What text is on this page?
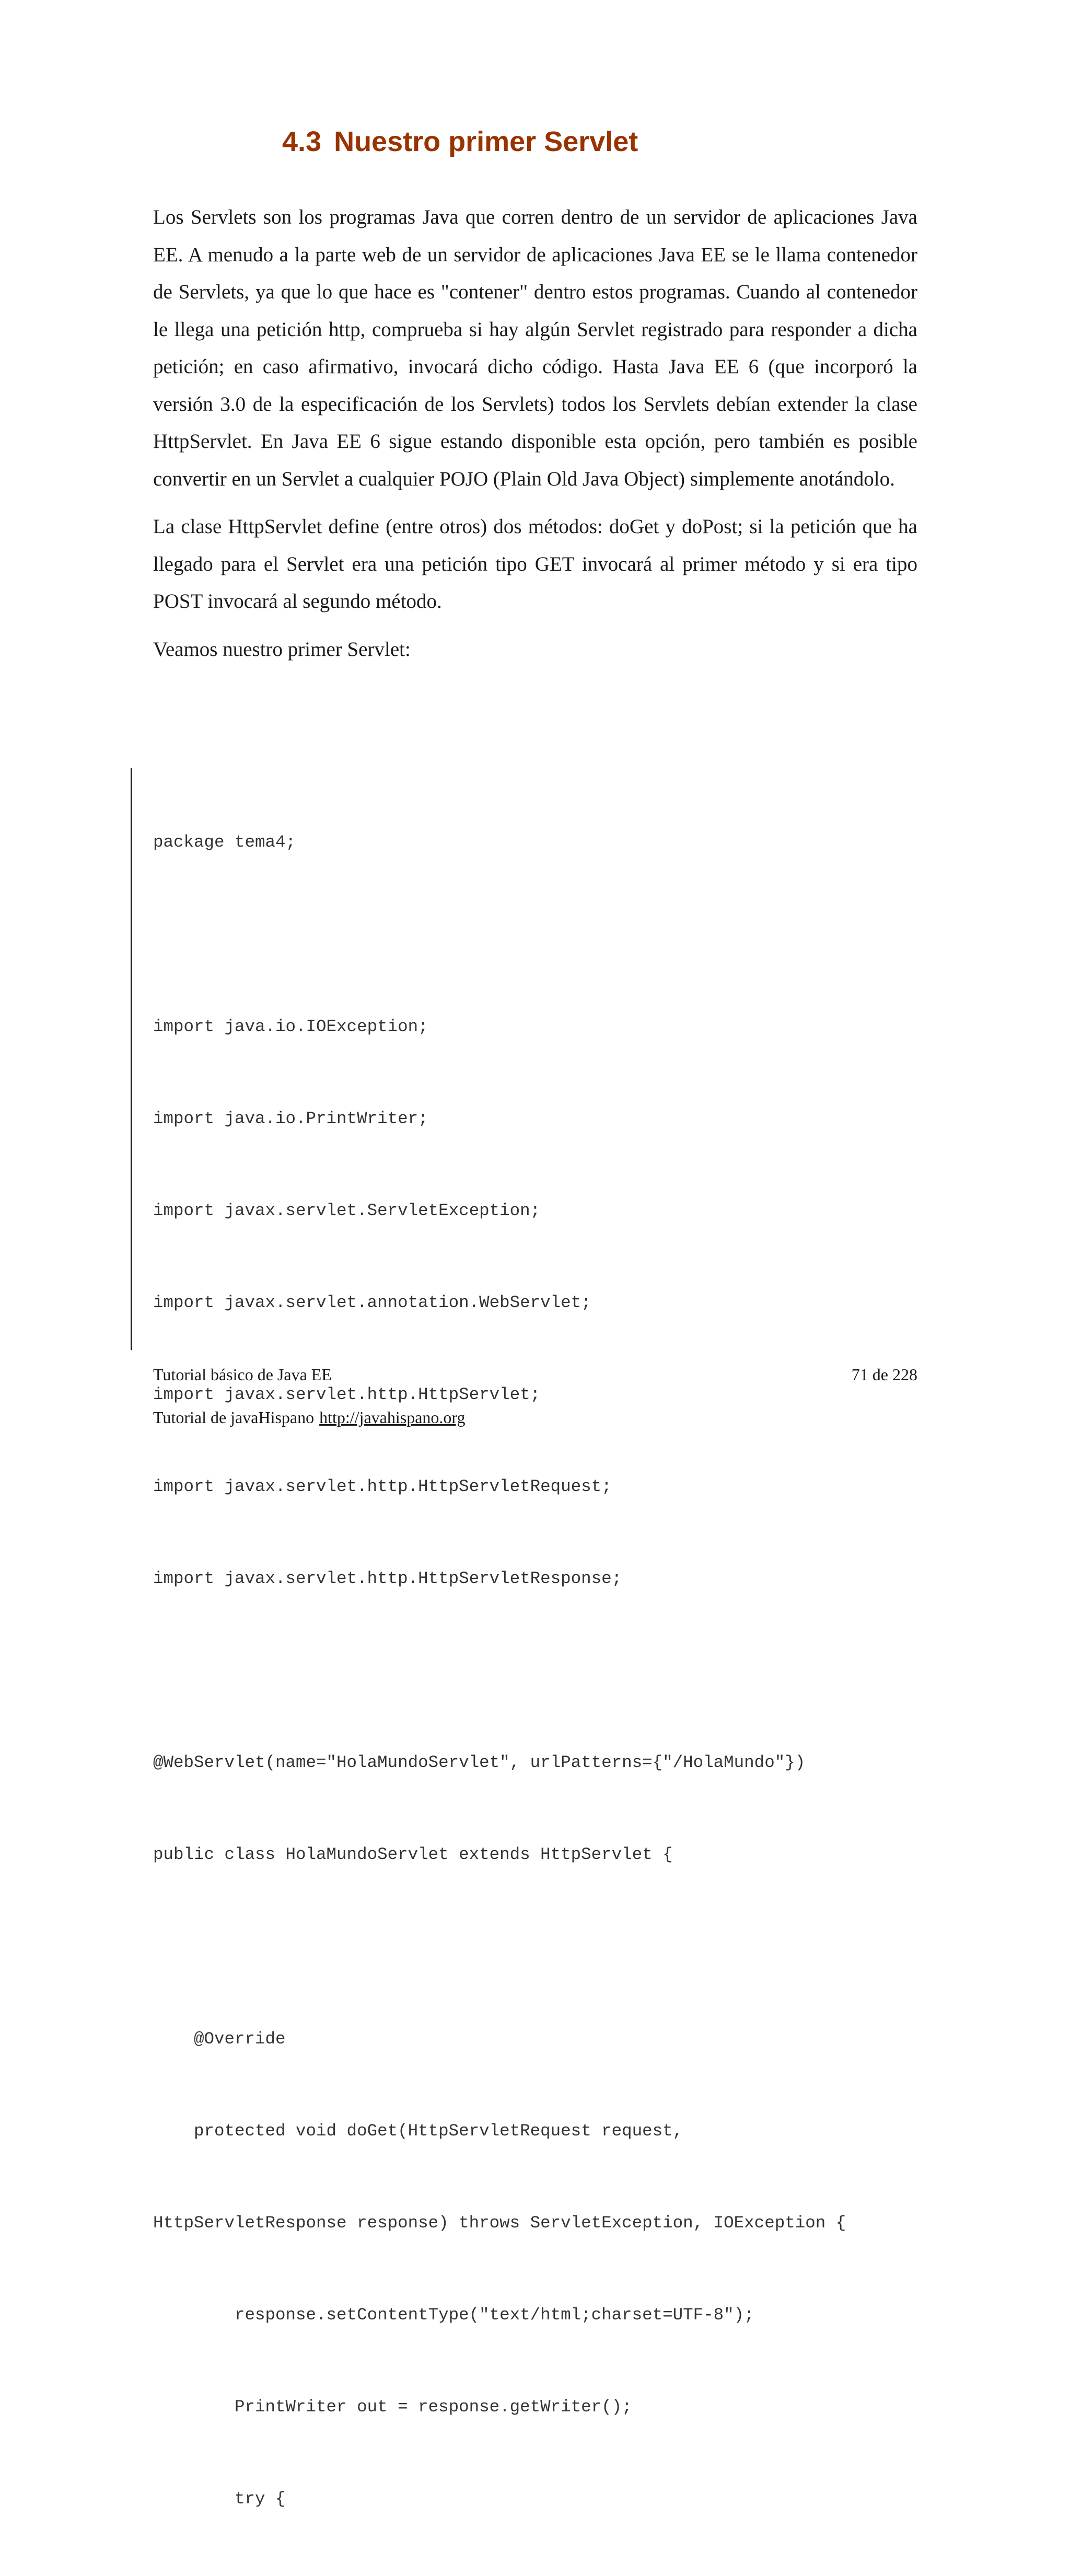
4.3 Nuestro primer Servlet

Los Servlets son los programas Java que corren dentro de un servidor de aplicaciones Java EE. A menudo a la parte web de un servidor de aplicaciones Java EE se le llama contenedor de Servlets, ya que lo que hace es "contener" dentro estos programas. Cuando al contenedor le llega una petición http, comprueba si hay algún Servlet registrado para responder a dicha petición; en caso afirmativo, invocará dicho código. Hasta Java EE 6 (que incorporó la versión 3.0 de la especificación de los Servlets) todos los Servlets debían extender la clase HttpServlet. En Java EE 6 sigue estando disponible esta opción, pero también es posible convertir en un Servlet a cualquier POJO (Plain Old Java Object) simplemente anotándolo.

La clase HttpServlet define (entre otros) dos métodos: doGet y doPost; si la petición que ha llegado para el Servlet era una petición tipo GET invocará al primer método y si era tipo POST invocará al segundo método.

Veamos nuestro primer Servlet:

package tema4;

import java.io.IOException;

import java.io.PrintWriter;

import javax.servlet.ServletException;

import javax.servlet.annotation.WebServlet;

import javax.servlet.http.HttpServlet;

import javax.servlet.http.HttpServletRequest;

import javax.servlet.http.HttpServletResponse;

@WebServlet(name="HolaMundoServlet", urlPatterns={"/HolaMundo"})

public class HolaMundoServlet extends HttpServlet {

@Override

protected void doGet(HttpServletRequest request,

HttpServletResponse response) throws ServletException, IOException {

response.setContentType("text/html;charset=UTF-8");

PrintWriter out = response.getWriter();

try {

Tutorial básico de Java EE	71 de 228
Tutorial de javaHispano http://javahispano.org
